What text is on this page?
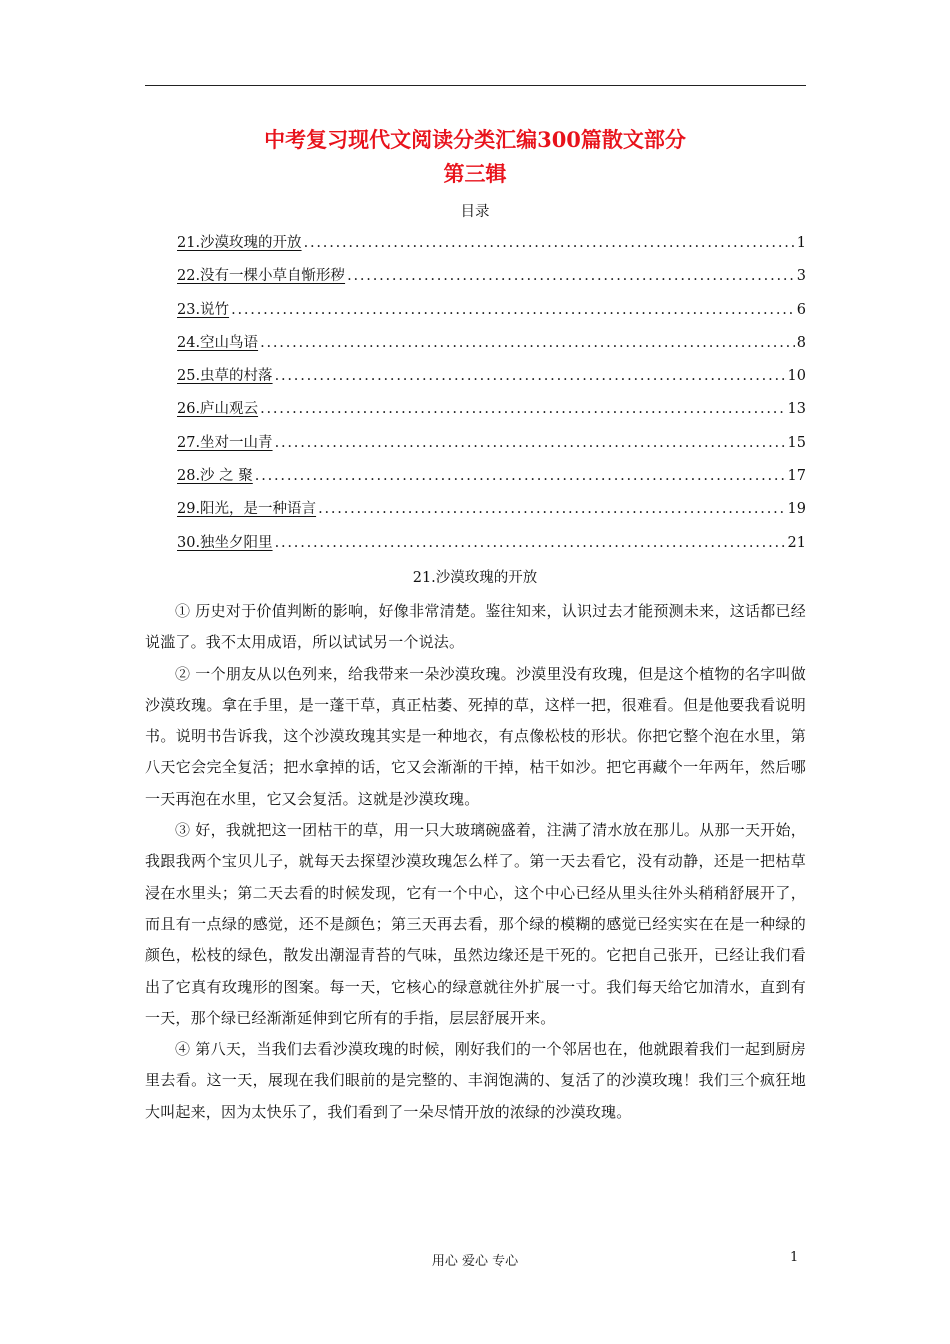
中考复习现代文阅读分类汇编300篇散文部分
第三辑
目录
21.沙漠玫瑰的开放 .....	1
22.没有一棵小草自惭形秽 .....	3
23.说竹 .....	6
24.空山鸟语 .....	8
25.虫草的村落 .....	10
26.庐山观云 .....	13
27.坐对一山青 .....	15
28.沙 之 聚 .....	17
29.阳光，是一种语言 .....	19
30.独坐夕阳里 .....	21
21.沙漠玫瑰的开放

① 历史对于价值判断的影响，好像非常清楚。鉴往知来，认识过去才能预测未来，这话都已经说滥了。我不太用成语，所以试试另一个说法。

② 一个朋友从以色列来，给我带来一朵沙漠玫瑰。沙漠里没有玫瑰，但是这个植物的名字叫做沙漠玫瑰。拿在手里，是一蓬干草，真正枯萎、死掉的草，这样一把，很难看。但是他要我看说明书。说明书告诉我，这个沙漠玫瑰其实是一种地衣，有点像松枝的形状。你把它整个泡在水里，第八天它会完全复活；把水拿掉的话，它又会渐渐的干掉，枯干如沙。把它再藏个一年两年，然后哪一天再泡在水里，它又会复活。这就是沙漠玫瑰。

③ 好，我就把这一团枯干的草，用一只大玻璃碗盛着，注满了清水放在那儿。从那一天开始，我跟我两个宝贝儿子，就每天去探望沙漠玫瑰怎么样了。第一天去看它，没有动静，还是一把枯草浸在水里头；第二天去看的时候发现，它有一个中心，这个中心已经从里头往外头稍稍舒展开了，而且有一点绿的感觉，还不是颜色；第三天再去看，那个绿的模糊的感觉已经实实在在是一种绿的颜色，松枝的绿色，散发出潮湿青苔的气味，虽然边缘还是干死的。它把自己张开，已经让我们看出了它真有玫瑰形的图案。每一天，它核心的绿意就往外扩展一寸。我们每天给它加清水，直到有一天，那个绿已经渐渐延伸到它所有的手指，层层舒展开来。

④ 第八天，当我们去看沙漠玫瑰的时候，刚好我们的一个邻居也在，他就跟着我们一起到厨房里去看。这一天，展现在我们眼前的是完整的、丰润饱满的、复活了的沙漠玫瑰！我们三个疯狂地大叫起来，因为太快乐了，我们看到了一朵尽情开放的浓绿的沙漠玫瑰。

用心 爱心 专心	1
